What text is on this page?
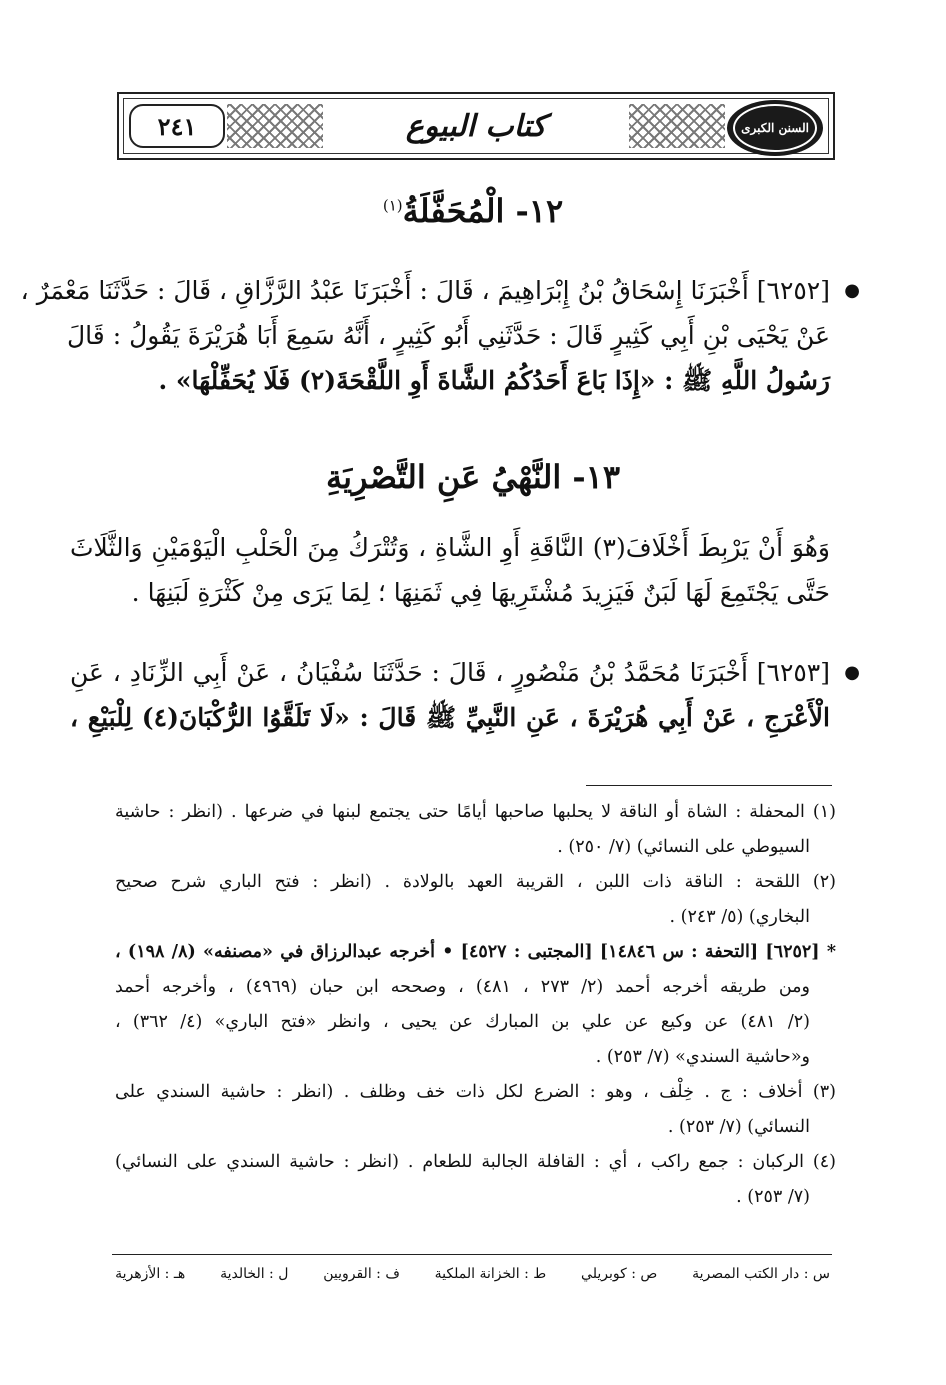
٢٤١	كتاب البيوع	السنن الكبرى
١٢- الْمُحَفَّلَةُ$^{(١)}$
●
[٦٢٥٢] أَخْبَرَنَا إِسْحَاقُ بْنُ إِبْرَاهِيمَ ، قَالَ : أَخْبَرَنَا عَبْدُ الرَّزَّاقِ ، قَالَ : حَدَّثَنَا مَعْمَرٌ ،
عَنْ يَحْيَى بْنِ أَبِي كَثِيرٍ قَالَ : حَدَّثَنِي أَبُو كَثِيرٍ ، أَنَّهُ سَمِعَ أَبَا هُرَيْرَةَ يَقُولُ : قَالَ
رَسُولُ اللَّهِ ﷺ : «إِذَا بَاعَ أَحَدُكُمُ الشَّاةَ أَوِ اللَّقْحَةَ(٢) فَلَا يُحَفِّلْهَا» .
١٣- النَّهْيُ عَنِ التَّصْرِيَةِ
وَهُوَ أَنْ يَرْبِطَ أَخْلَافَ(٣) النَّاقَةِ أَوِ الشَّاةِ ، وَتُتْرَكُ مِنَ الْحَلْبِ الْيَوْمَيْنِ وَالثَّلَاثَ
حَتَّى يَجْتَمِعَ لَهَا لَبَنٌ فَيَزِيدَ مُشْتَرِيهَا فِي ثَمَنِهَا ؛ لِمَا يَرَى مِنْ كَثْرَةِ لَبَنِهَا .
●
[٦٢٥٣] أَخْبَرَنَا مُحَمَّدُ بْنُ مَنْصُورٍ ، قَالَ : حَدَّثَنَا سُفْيَانُ ، عَنْ أَبِي الزِّنَادِ ، عَنِ
الْأَعْرَجِ ، عَنْ أَبِي هُرَيْرَةَ ، عَنِ النَّبِيِّ ﷺ قَالَ : «لَا تَلَقَّوُا الرُّكْبَانَ(٤) لِلْبَيْعِ ،
(١) المحفلة : الشاة أو الناقة لا يحلبها صاحبها أيامًا حتى يجتمع لبنها في ضرعها . (انظر : حاشية
السيوطي على النسائي) (٧/ ٢٥٠) .
(٢) اللقحة : الناقة ذات اللبن ، القريبة العهد بالولادة . (انظر : فتح الباري شرح صحيح
البخاري) (٥/ ٢٤٣) .
* [٦٢٥٢] [التحفة : س ١٤٨٤٦] [المجتبى : ٤٥٢٧] • أخرجه عبدالرزاق في «مصنفه» (٨/ ١٩٨) ،
ومن طريقه أخرجه أحمد (٢/ ٢٧٣ ، ٤٨١) ، وصححه ابن حبان (٤٩٦٩) ، وأخرجه أحمد
(٢/ ٤٨١) عن وكيع عن علي بن المبارك عن يحيى ، وانظر «فتح الباري» (٤/ ٣٦٢) ،
و«حاشية السندي» (٧/ ٢٥٣) .
(٣) أخلاف : ج . خِلْف ، وهو : الضرع لكل ذات خف وظلف . (انظر : حاشية السندي على
النسائي) (٧/ ٢٥٣) .
(٤) الركبان : جمع راكب ، أي : القافلة الجالبة للطعام . (انظر : حاشية السندي على النسائي)
(٧/ ٢٥٣) .
س : دار الكتب المصرية
ص : كوبريلي
ط : الخزانة الملكية
ف : القرويين
ل : الخالدية
هـ : الأزهرية
